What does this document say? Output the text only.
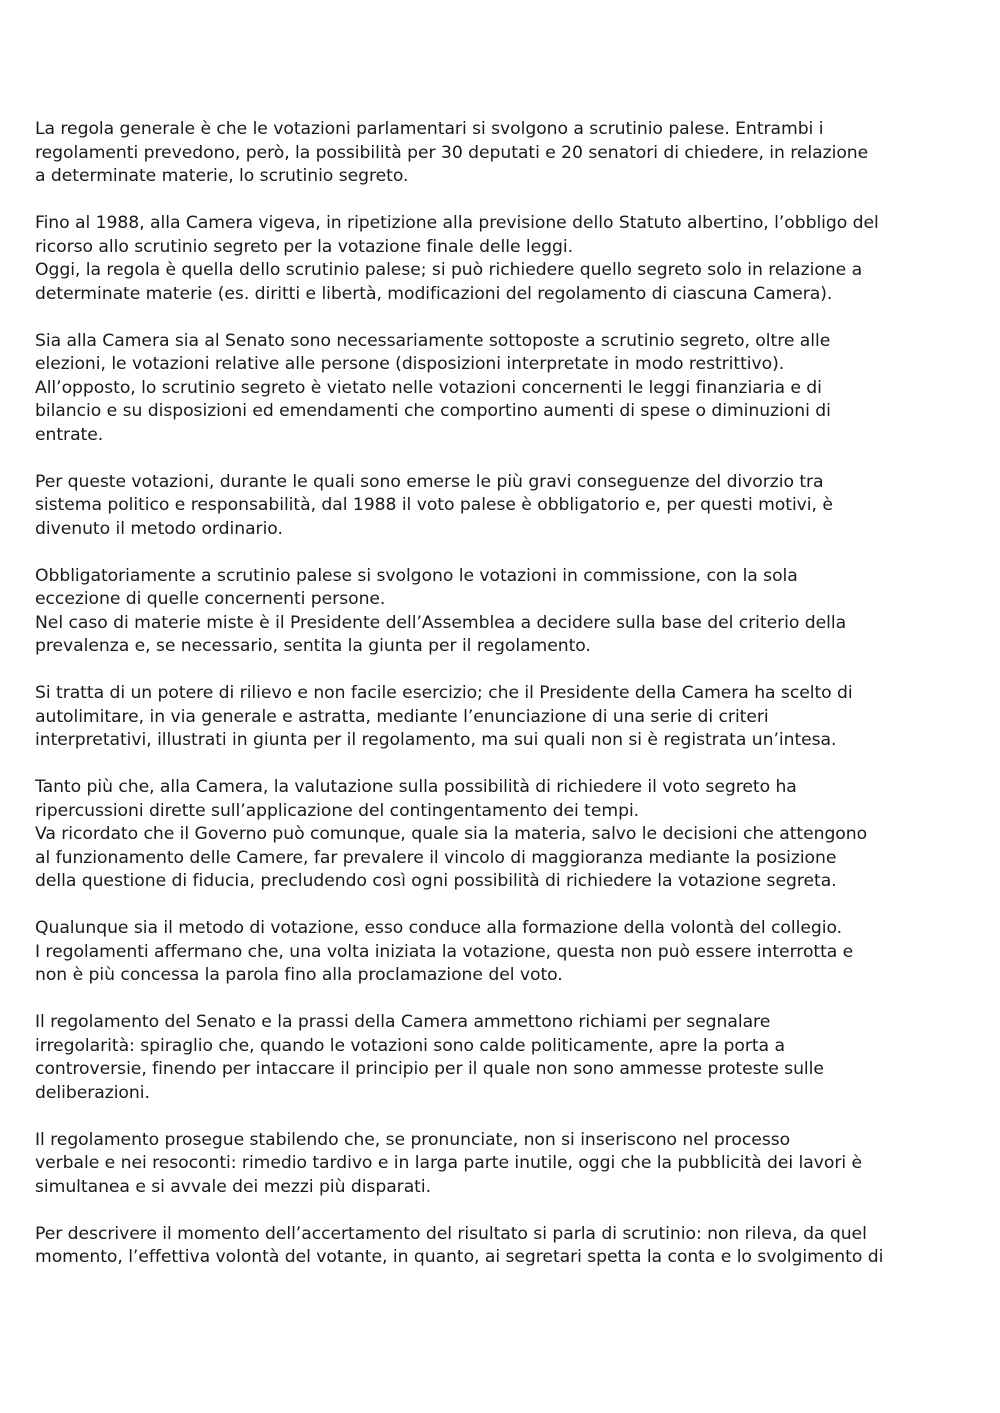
La regola generale è che le votazioni parlamentari si svolgono a scrutinio palese. Entrambi i
regolamenti prevedono, però, la possibilità per 30 deputati e 20 senatori di chiedere, in relazione
a determinate materie, lo scrutinio segreto.
Fino al 1988, alla Camera vigeva, in ripetizione alla previsione dello Statuto albertino, l’obbligo del
ricorso allo scrutinio segreto per la votazione finale delle leggi.
Oggi, la regola è quella dello scrutinio palese; si può richiedere quello segreto solo in relazione a
determinate materie (es. diritti e libertà, modificazioni del regolamento di ciascuna Camera).
Sia alla Camera sia al Senato sono necessariamente sottoposte a scrutinio segreto, oltre alle
elezioni, le votazioni relative alle persone (disposizioni interpretate in modo restrittivo).
All’opposto, lo scrutinio segreto è vietato nelle votazioni concernenti le leggi finanziaria e di
bilancio e su disposizioni ed emendamenti che comportino aumenti di spese o diminuzioni di
entrate.
Per queste votazioni, durante le quali sono emerse le più gravi conseguenze del divorzio tra
sistema politico e responsabilità, dal 1988 il voto palese è obbligatorio e, per questi motivi, è
divenuto il metodo ordinario.
Obbligatoriamente a scrutinio palese si svolgono le votazioni in commissione, con la sola
eccezione di quelle concernenti persone.
Nel caso di materie miste è il Presidente dell’Assemblea a decidere sulla base del criterio della
prevalenza e, se necessario, sentita la giunta per il regolamento.
Si tratta di un potere di rilievo e non facile esercizio; che il Presidente della Camera ha scelto di
autolimitare, in via generale e astratta, mediante l’enunciazione di una serie di criteri
interpretativi, illustrati in giunta per il regolamento, ma sui quali non si è registrata un’intesa.
Tanto più che, alla Camera, la valutazione sulla possibilità di richiedere il voto segreto ha
ripercussioni dirette sull’applicazione del contingentamento dei tempi.
Va ricordato che il Governo può comunque, quale sia la materia, salvo le decisioni che attengono
al funzionamento delle Camere, far prevalere il vincolo di maggioranza mediante la posizione
della questione di fiducia, precludendo così ogni possibilità di richiedere la votazione segreta.
Qualunque sia il metodo di votazione, esso conduce alla formazione della volontà del collegio.
I regolamenti affermano che, una volta iniziata la votazione, questa non può essere interrotta e
non è più concessa la parola fino alla proclamazione del voto.
Il regolamento del Senato e la prassi della Camera ammettono richiami per segnalare
irregolarità: spiraglio che, quando le votazioni sono calde politicamente, apre la porta a
controversie, finendo per intaccare il principio per il quale non sono ammesse proteste sulle
deliberazioni.
Il regolamento prosegue stabilendo che, se pronunciate, non si inseriscono nel processo
verbale e nei resoconti: rimedio tardivo e in larga parte inutile, oggi che la pubblicità dei lavori è
simultanea e si avvale dei mezzi più disparati.
Per descrivere il momento dell’accertamento del risultato si parla di scrutinio: non rileva, da quel
momento, l’effettiva volontà del votante, in quanto, ai segretari spetta la conta e lo svolgimento di
